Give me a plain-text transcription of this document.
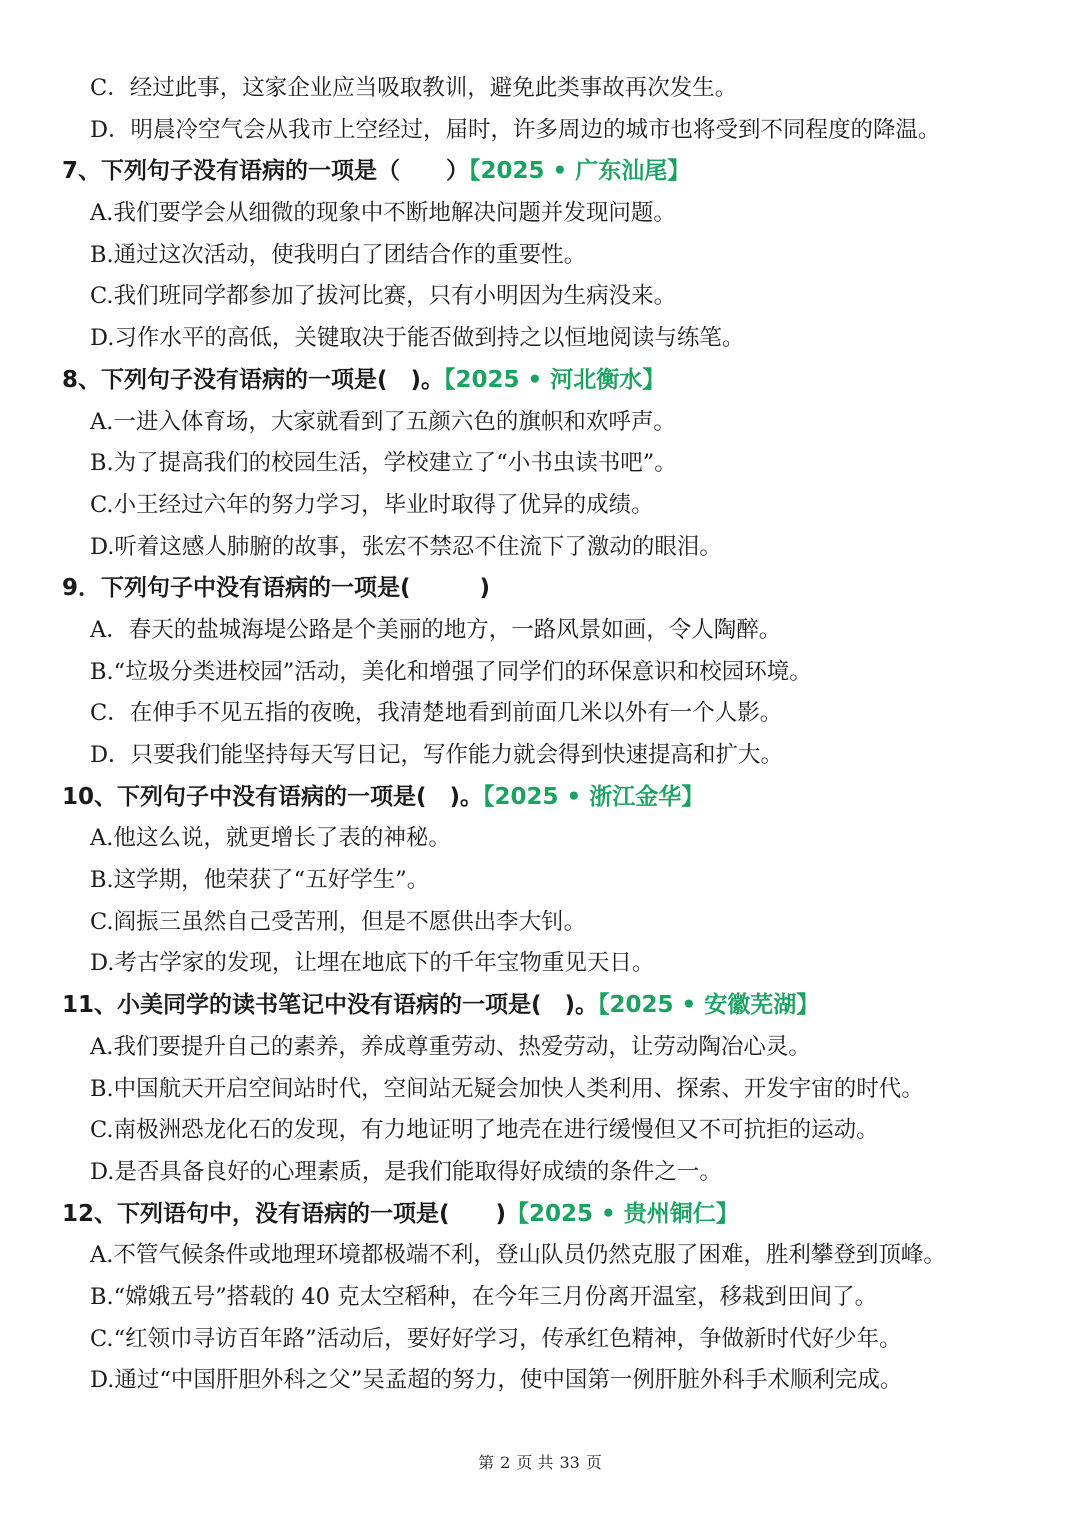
C．经过此事，这家企业应当吸取教训，避免此类事故再次发生。
D．明晨冷空气会从我市上空经过，届时，许多周边的城市也将受到不同程度的降温。
7、下列句子没有语病的一项是（　　）【2025 • 广东汕尾】
A.我们要学会从细微的现象中不断地解决问题并发现问题。
B.通过这次活动，使我明白了团结合作的重要性。
C.我们班同学都参加了拔河比赛，只有小明因为生病没来。
D.习作水平的高低，关键取决于能否做到持之以恒地阅读与练笔。
8、下列句子没有语病的一项是(　)。【2025 • 河北衡水】
A.一进入体育场，大家就看到了五颜六色的旗帜和欢呼声。
B.为了提高我们的校园生活，学校建立了“小书虫读书吧”。
C.小王经过六年的努力学习，毕业时取得了优异的成绩。
D.听着这感人肺腑的故事，张宏不禁忍不住流下了激动的眼泪。
9．下列句子中没有语病的一项是(　　　)
A．春天的盐城海堤公路是个美丽的地方，一路风景如画，令人陶醉。
B.“垃圾分类进校园”活动，美化和增强了同学们的环保意识和校园环境。
C．在伸手不见五指的夜晚，我清楚地看到前面几米以外有一个人影。
D．只要我们能坚持每天写日记，写作能力就会得到快速提高和扩大。
10、下列句子中没有语病的一项是(　)。【2025 • 浙江金华】
A.他这么说，就更增长了表的神秘。
B.这学期，他荣获了“五好学生”。
C.阎振三虽然自己受苦刑，但是不愿供出李大钊。
D.考古学家的发现，让埋在地底下的千年宝物重见天日。
11、小美同学的读书笔记中没有语病的一项是(　)。【2025 • 安徽芜湖】
A.我们要提升自己的素养，养成尊重劳动、热爱劳动，让劳动陶冶心灵。
B.中国航天开启空间站时代，空间站无疑会加快人类利用、探索、开发宇宙的时代。
C.南极洲恐龙化石的发现，有力地证明了地壳在进行缓慢但又不可抗拒的运动。
D.是否具备良好的心理素质，是我们能取得好成绩的条件之一。
12、下列语句中，没有语病的一项是(　　)【2025 • 贵州铜仁】
A.不管气候条件或地理环境都极端不利，登山队员仍然克服了困难，胜利攀登到顶峰。
B.“嫦娥五号”搭载的 40 克太空稻种，在今年三月份离开温室，移栽到田间了。
C.“红领巾寻访百年路”活动后，要好好学习，传承红色精神，争做新时代好少年。
D.通过“中国肝胆外科之父”吴孟超的努力，使中国第一例肝脏外科手术顺利完成。
第 2 页 共 33 页
